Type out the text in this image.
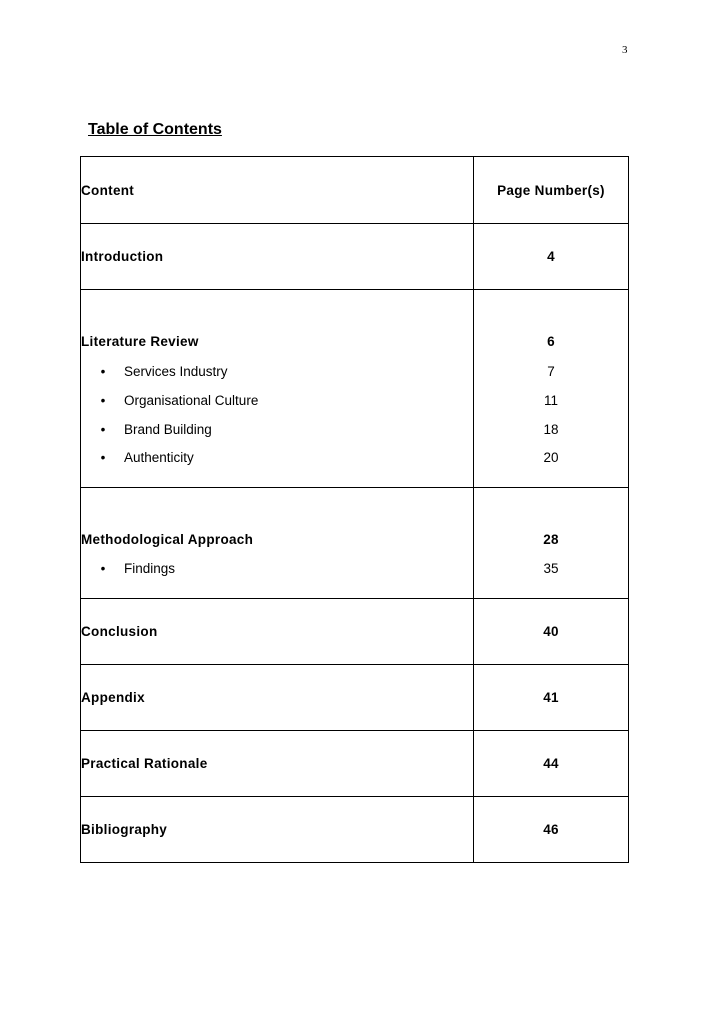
3
Table of Contents
Content	Page Number(s)
Introduction	4
Literature Review	6
• Services Industry	7
• Organisational Culture	11
• Brand Building	18
• Authenticity	20
Methodological Approach	28
• Findings	35
Conclusion	40
Appendix	41
Practical Rationale	44
Bibliography	46
